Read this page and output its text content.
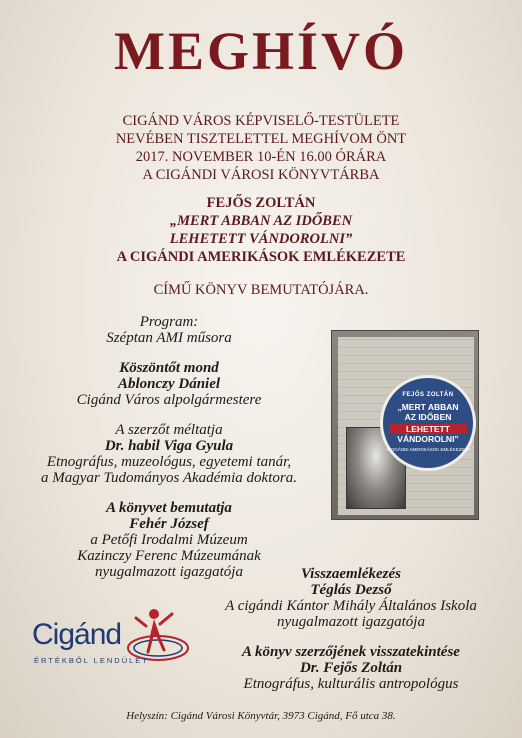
MEGHÍVÓ
CIGÁND VÁROS KÉPVISELŐ-TESTÜLETE
NEVÉBEN TISZTELETTEL MEGHÍVOM ÖNT
2017. NOVEMBER 10-ÉN 16.00 ÓRÁRA
A CIGÁNDI VÁROSI KÖNYVTÁRBA
FEJŐS ZOLTÁN
„MERT ABBAN AZ IDŐBEN
LEHETETT VÁNDOROLNI”
A CIGÁNDI AMERIKÁSOK EMLÉKEZETE
CÍMŰ KÖNYV BEMUTATÓJÁRA.
Program:
Széptan AMI műsora
Köszöntőt mond
Ablonczy Dániel
Cigánd Város alpolgármestere
A szerzőt méltatja
Dr. habil Viga Gyula
Etnográfus, muzeológus, egyetemi tanár,
a Magyar Tudományos Akadémia doktora.
A könyvet bemutatja
Fehér József
a Petőfi Irodalmi Múzeum
Kazinczy Ferenc Múzeumának
nyugalmazott igazgatója
FEJŐS ZOLTÁN
„MERT ABBAN
AZ IDŐBEN
LEHETETT
VÁNDOROLNI”
A CIGÁNDI AMERIKÁSOK EMLÉKEZETE
Visszaemlékezés
Téglás Dezső
A cigándi Kántor Mihály Általános Iskola
nyugalmazott igazgatója
A könyv szerzőjének visszatekintése
Dr. Fejős Zoltán
Etnográfus, kulturális antropológus
Cigánd
ÉRTÉKBŐL LENDÜLET
Helyszín: Cigánd Városi Könyvtár, 3973 Cigánd, Fő utca 38.
